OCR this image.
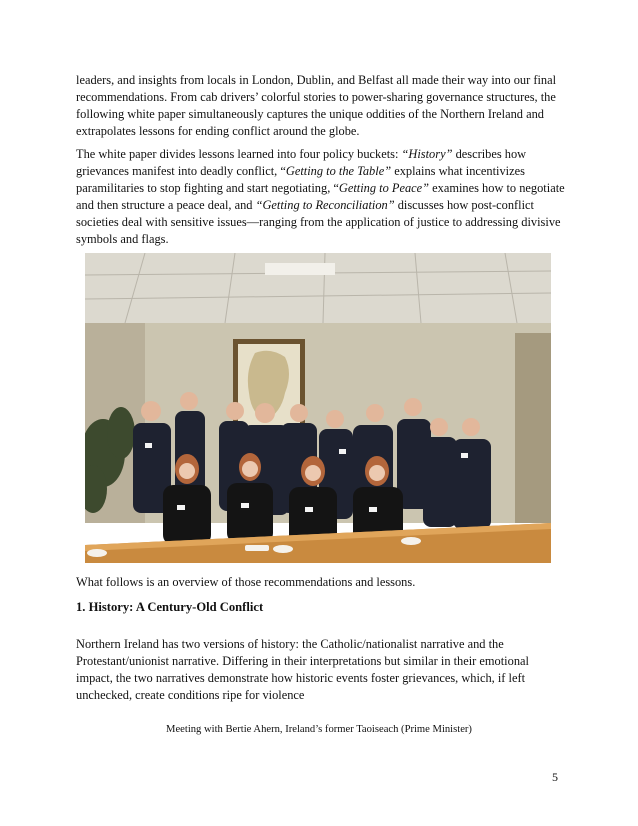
leaders, and insights from locals in London, Dublin, and Belfast all made their way into our final recommendations. From cab drivers’ colorful stories to power-sharing governance structures, the following white paper simultaneously captures the unique oddities of the Northern Ireland and extrapolates lessons for ending conflict around the globe.

The white paper divides lessons learned into four policy buckets: “History” describes how grievances manifest into deadly conflict, “Getting to the Table” explains what incentivizes paramilitaries to stop fighting and start negotiating, “Getting to Peace” examines how to negotiate and then structure a peace deal, and “Getting to Reconciliation” discusses how post-conflict societies deal with sensitive issues—ranging from the application of justice to addressing divisive symbols and flags.

What follows is an overview of those recommendations and lessons.

1. History: A Century-Old Conflict

Northern Ireland has two versions of history: the Catholic/nationalist narrative and the Protestant/unionist narrative. Differing in their interpretations but similar in their emotional impact, the two narratives demonstrate how historic events foster grievances, which, if left unchecked, create conditions ripe for violence

Meeting with Bertie Ahern, Ireland’s former Taoiseach (Prime Minister)
5
